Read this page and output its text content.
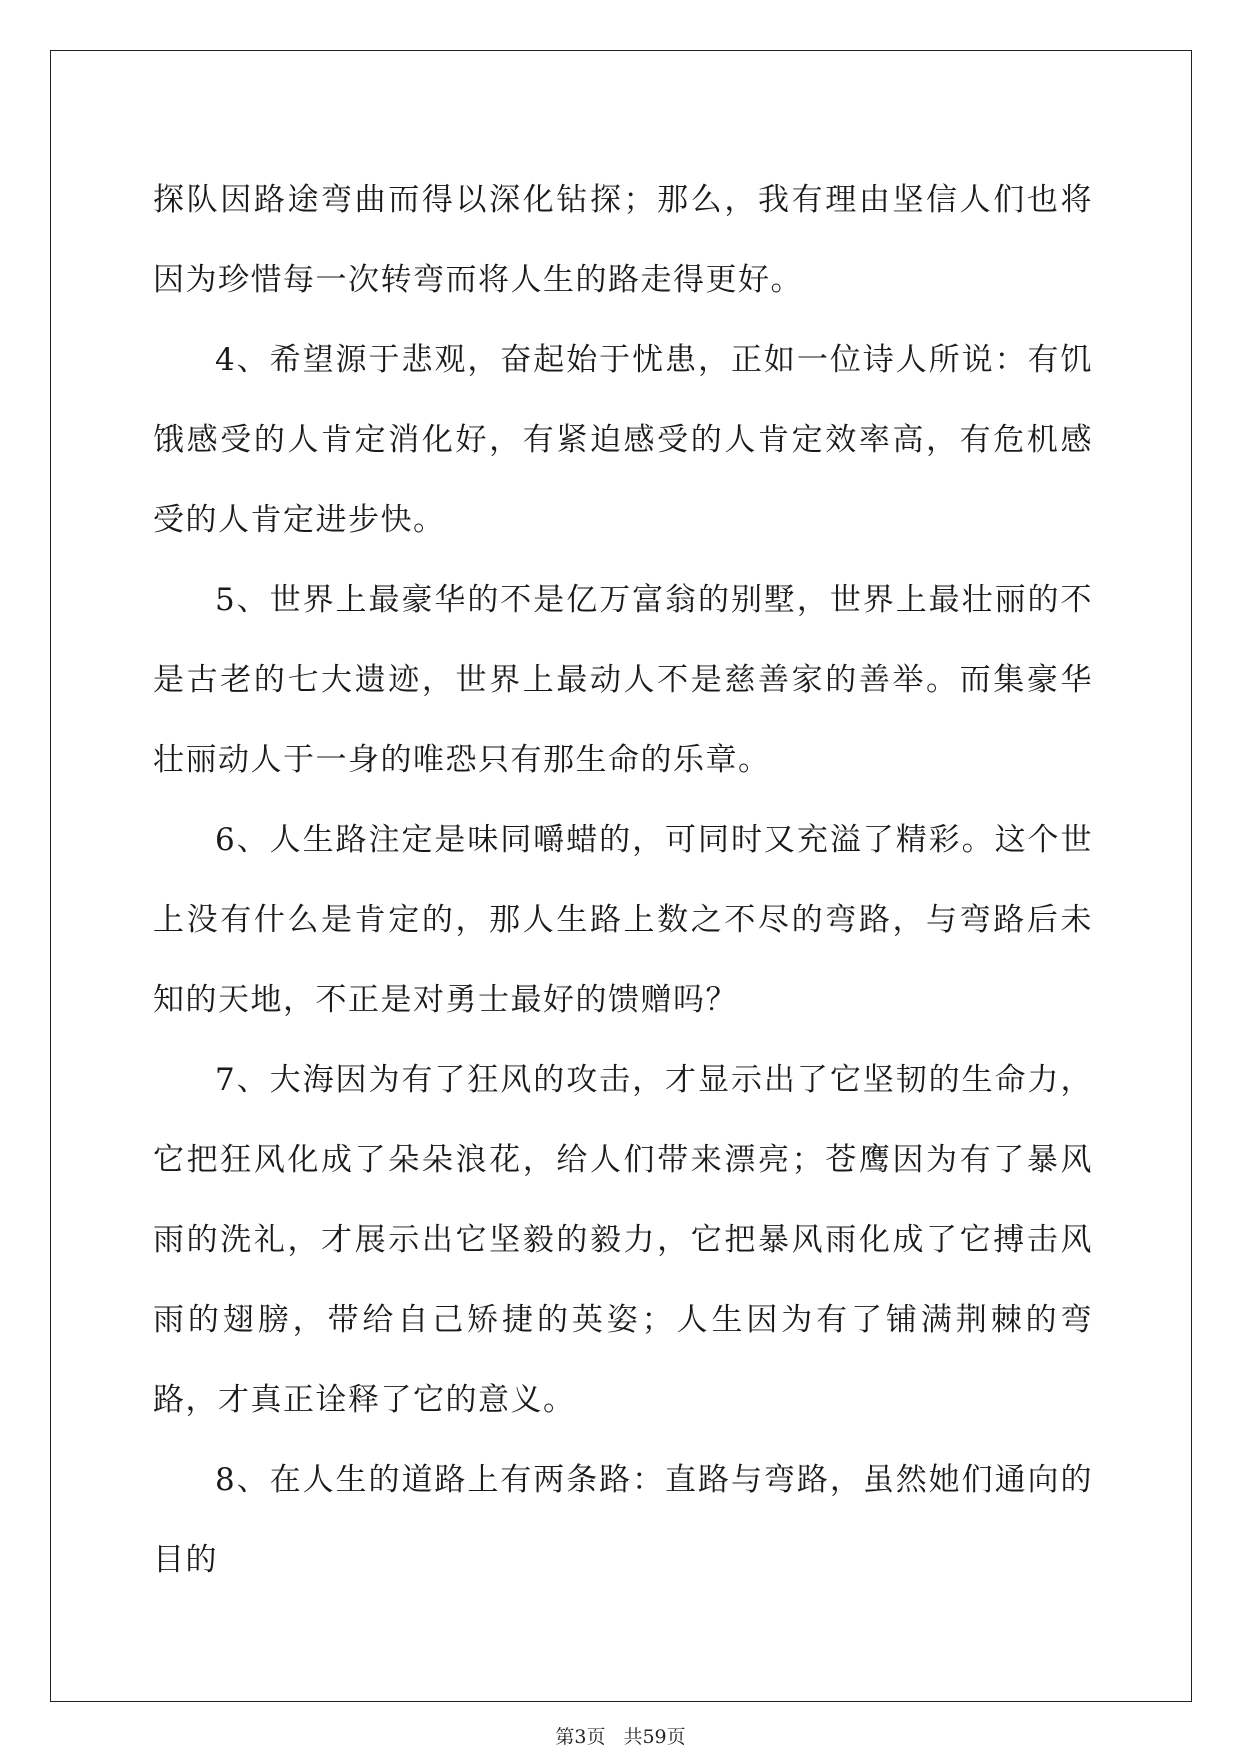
探队因路途弯曲而得以深化钻探；那么，我有理由坚信人们也将因为珍惜每一次转弯而将人生的路走得更好。

4、希望源于悲观，奋起始于忧患，正如一位诗人所说：有饥饿感受的人肯定消化好，有紧迫感受的人肯定效率高，有危机感受的人肯定进步快。

5、世界上最豪华的不是亿万富翁的别墅，世界上最壮丽的不是古老的七大遗迹，世界上最动人不是慈善家的善举。而集豪华壮丽动人于一身的唯恐只有那生命的乐章。

6、人生路注定是味同嚼蜡的，可同时又充溢了精彩。这个世上没有什么是肯定的，那人生路上数之不尽的弯路，与弯路后未知的天地，不正是对勇士最好的馈赠吗？

7、大海因为有了狂风的攻击，才显示出了它坚韧的生命力，它把狂风化成了朵朵浪花，给人们带来漂亮；苍鹰因为有了暴风雨的洗礼，才展示出它坚毅的毅力，它把暴风雨化成了它搏击风雨的翅膀，带给自己矫捷的英姿；人生因为有了铺满荆棘的弯路，才真正诠释了它的意义。

8、在人生的道路上有两条路：直路与弯路，虽然她们通向的目的

第3页 共59页
